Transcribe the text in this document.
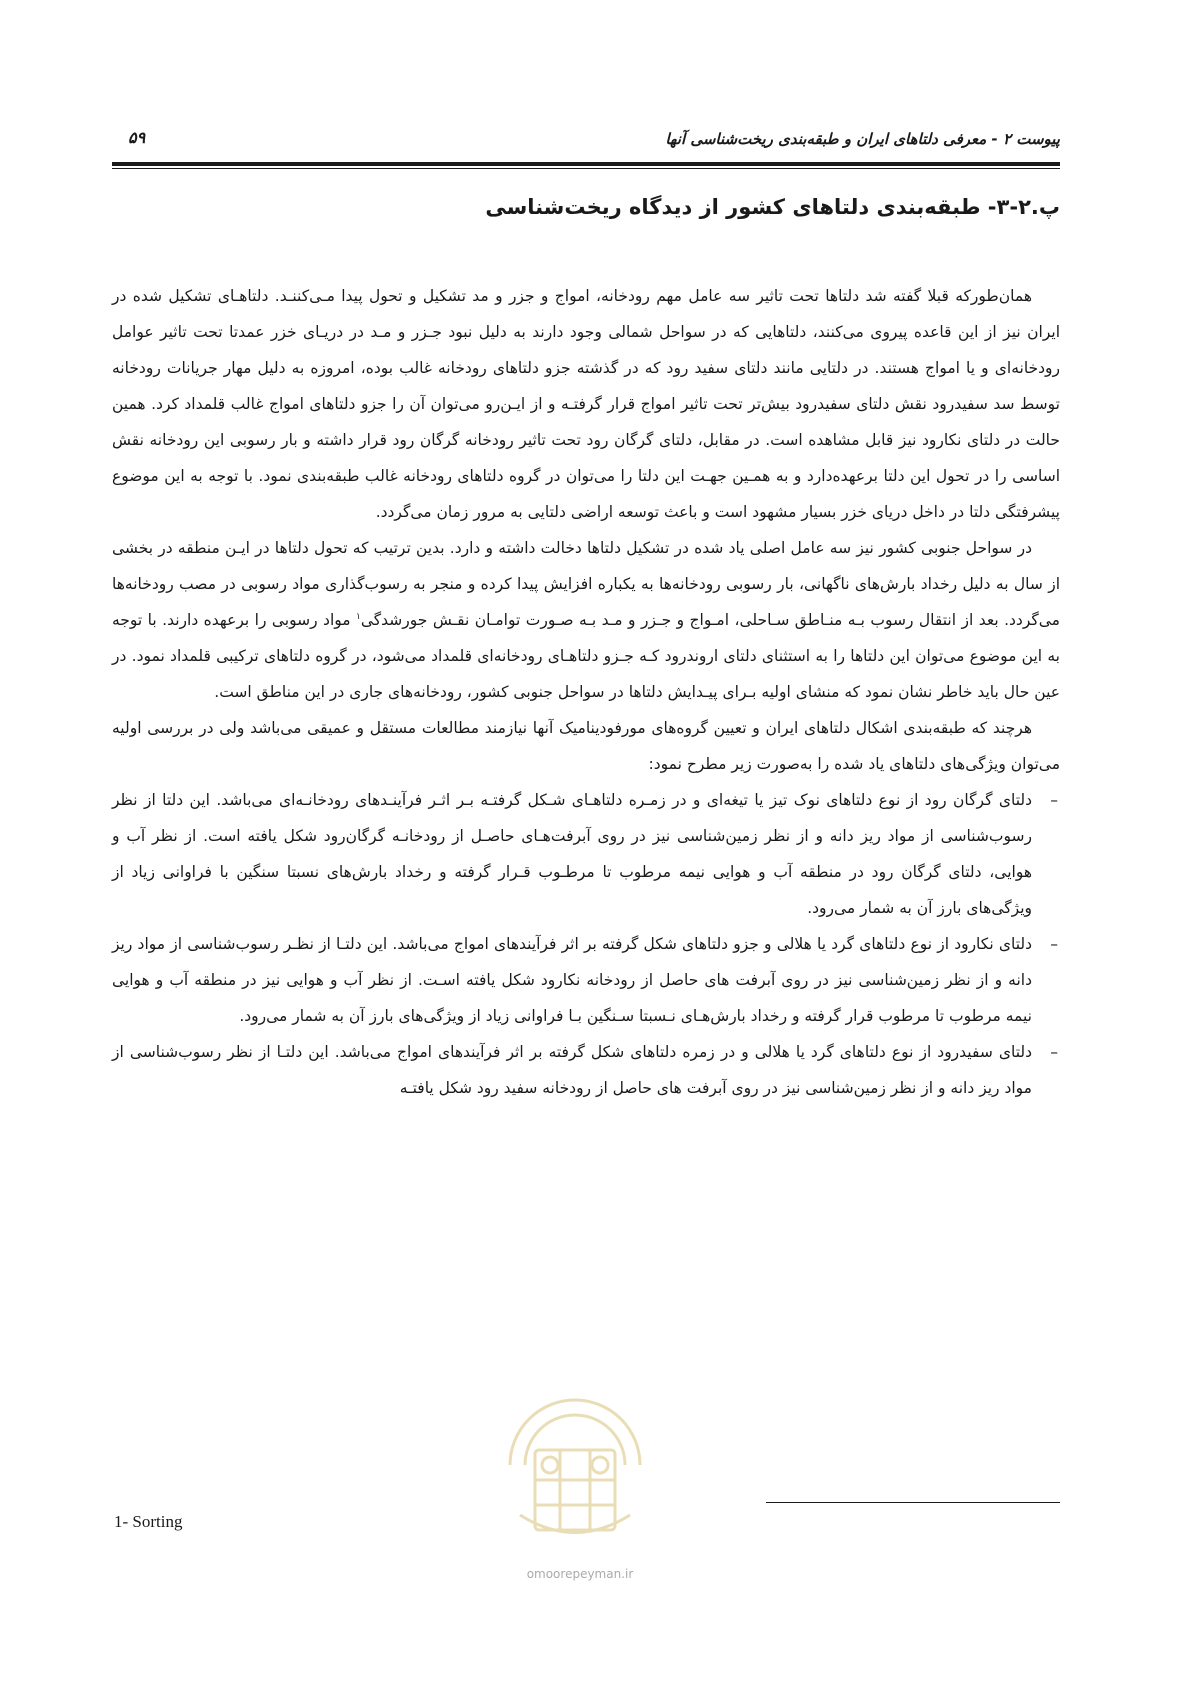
پیوست ۲ - معرفی دلتاهای ایران و طبقه‌بندی ریخت‌شناسی آنها
۵۹
پ.۲-۳- طبقه‌بندی دلتاهای کشور از دیدگاه ریخت‌شناسی

همان‌طورکه قبلا گفته شد دلتاها تحت تاثیر سه عامل مهم رودخانه، امواج و جزر و مد تشکیل و تحول پیدا مـی‌کننـد. دلتاهـای تشکیل شده در ایران نیز از این قاعده پیروی می‌کنند، دلتاهایی که در سواحل شمالی وجود دارند به دلیل نبود جـزر و مـد در دریـای خزر عمدتا تحت تاثیر عوامل رودخانه‌ای و یا امواج هستند. در دلتایی مانند دلتای سفید رود که در گذشته جزو دلتاهای رودخانه غالب بوده، امروزه به دلیل مهار جریانات رودخانه توسط سد سفیدرود نقش دلتای سفیدرود بیش‌تر تحت تاثیر امواج قرار گرفتـه و از ایـن‌رو می‌توان آن را جزو دلتاهای امواج غالب قلمداد کرد. همین حالت در دلتای نکارود نیز قابل مشاهده است. در مقابل، دلتای گرگان رود تحت تاثیر رودخانه گرگان رود قرار داشته و بار رسوبی این رودخانه نقش اساسی را در تحول این دلتا برعهده‌دارد و به همـین جهـت این دلتا را می‌توان در گروه دلتاهای رودخانه غالب طبقه‌بندی نمود. با توجه به این موضوع پیشرفتگی دلتا در داخل دریای خزر بسیار مشهود است و باعث توسعه اراضی دلتایی به مرور زمان می‌گردد.

در سواحل جنوبی کشور نیز سه عامل اصلی یاد شده در تشکیل دلتاها دخالت داشته و دارد. بدین ترتیب که تحول دلتاها در ایـن منطقه در بخشی از سال به دلیل رخداد بارش‌های ناگهانی، بار رسوبی رودخانه‌ها به یکباره افزایش پیدا کرده و منجر به رسوب‌گذاری مواد رسوبی در مصب رودخانه‌ها می‌گردد. بعد از انتقال رسوب بـه منـاطق سـاحلی، امـواج و جـزر و مـد بـه صـورت توامـان نقـش جورشدگی$^۱$ مواد رسوبی را برعهده دارند. با توجه به این موضوع می‌توان این دلتاها را به استثنای دلتای اروندرود کـه جـزو دلتاهـای رودخانه‌ای قلمداد می‌شود، در گروه دلتاهای ترکیبی قلمداد نمود. در عین حال باید خاطر نشان نمود که منشای اولیه بـرای پیـدایش دلتاها در سواحل جنوبی کشور، رودخانه‌های جاری در این مناطق است.

هرچند که طبقه‌بندی اشکال دلتاهای ایران و تعیین گروه‌های مورفودینامیک آنها نیازمند مطالعات مستقل و عمیقی می‌باشد ولی در بررسی اولیه می‌توان ویژگی‌های دلتاهای یاد شده را به‌صورت زیر مطرح نمود:

–
دلتای گرگان رود از نوع دلتاهای نوک تیز یا تیغه‌ای و در زمـره دلتاهـای شـکل گرفتـه بـر اثـر فرآینـدهای رودخانـه‌ای می‌باشد. این دلتا از نظر رسوب‌شناسی از مواد ریز دانه و از نظر زمین‌شناسی نیز در روی آبرفت‌هـای حاصـل از رودخانـه گرگان‌رود شکل یافته است. از نظر آب و هوایی، دلتای گرگان رود در منطقه آب و هوایی نیمه مرطوب تا مرطـوب قـرار گرفته و رخداد بارش‌های نسبتا سنگین با فراوانی زیاد از ویژگی‌های بارز آن به شمار می‌رود.
–
دلتای نکارود از نوع دلتاهای گرد یا هلالی و جزو دلتاهای شکل گرفته بر اثر فرآیندهای امواج می‌باشد. این دلتـا از نظـر رسوب‌شناسی از مواد ریز دانه و از نظر زمین‌شناسی نیز در روی آبرفت های حاصل از رودخانه نکارود شکل یافته اسـت. از نظر آب و هوایی نیز در منطقه آب و هوایی نیمه مرطوب تا مرطوب قرار گرفته و رخداد بارش‌هـای نـسبتا سـنگین بـا فراوانی زیاد از ویژگی‌های بارز آن به شمار می‌رود.
–
دلتای سفیدرود از نوع دلتاهای گرد یا هلالی و در زمره دلتاهای شکل گرفته بر اثر فرآیندهای امواج می‌باشد. این دلتـا از نظر رسوب‌شناسی از مواد ریز دانه و از نظر زمین‌شناسی نیز در روی آبرفت های حاصل از رودخانه سفید رود شکل یافتـه
omoorepeyman.ir
1- Sorting
